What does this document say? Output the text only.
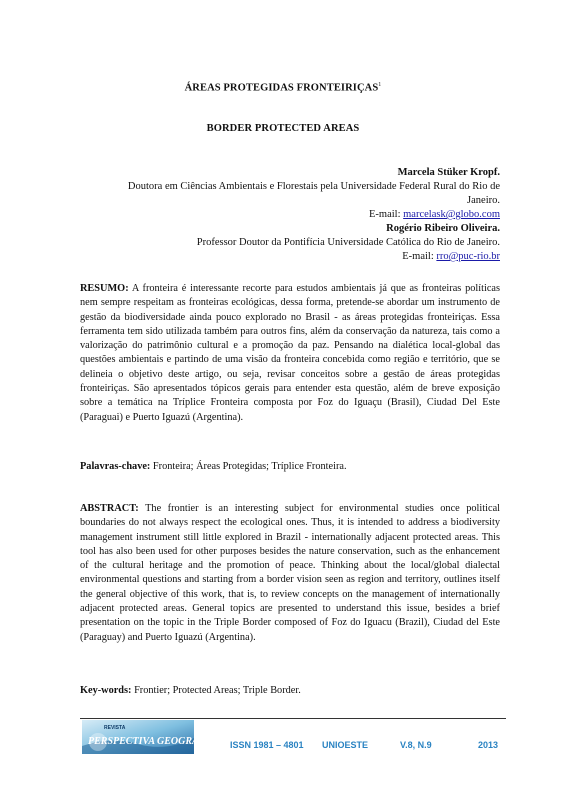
ÁREAS PROTEGIDAS FRONTEIRIÇAS$^1$
BORDER PROTECTED AREAS
Marcela Stüker Kropf.
Doutora em Ciências Ambientais e Florestais pela Universidade Federal Rural do Rio de
Janeiro.
E-mail: marcelask@globo.com
Rogério Ribeiro Oliveira.
Professor Doutor da Pontifícia Universidade Católica do Rio de Janeiro.
E-mail: rro@puc-rio.br
RESUMO: A fronteira é interessante recorte para estudos ambientais já que as fronteiras políticas nem sempre respeitam as fronteiras ecológicas, dessa forma, pretende-se abordar um instrumento de gestão da biodiversidade ainda pouco explorado no Brasil - as áreas protegidas fronteiriças. Essa ferramenta tem sido utilizada também para outros fins, além da conservação da natureza, tais como a valorização do patrimônio cultural e a promoção da paz. Pensando na dialética local-global das questões ambientais e partindo de uma visão da fronteira concebida como região e território, que se delineia o objetivo deste artigo, ou seja, revisar conceitos sobre a gestão de áreas protegidas fronteiriças. São apresentados tópicos gerais para entender esta questão, além de breve exposição sobre a temática na Tríplice Fronteira composta por Foz do Iguaçu (Brasil), Ciudad Del Este (Paraguai) e Puerto Iguazú (Argentina).
Palavras-chave: Fronteira; Áreas Protegidas; Tríplice Fronteira.
ABSTRACT: The frontier is an interesting subject for environmental studies once political boundaries do not always respect the ecological ones. Thus, it is intended to address a biodiversity management instrument still little explored in Brazil - internationally adjacent protected areas. This tool has also been used for other purposes besides the nature conservation, such as the enhancement of the cultural heritage and the promotion of peace. Thinking about the local/global dialectal environmental questions and starting from a border vision seen as region and territory, outlines itself the general objective of this work, that is, to review concepts on the management of internationally adjacent protected areas. General topics are presented to understand this issue, besides a brief presentation on the topic in the Triple Border composed of Foz do Iguacu (Brazil), Ciudad del Este (Paraguay) and Puerto Iguazú (Argentina).
Key-words: Frontier; Protected Areas; Triple Border.
REVISTA
PERSPECTIVA GEOGRÁFICA ISSN 1981 – 4801 UNIOESTE	V.8, N.9	2013
